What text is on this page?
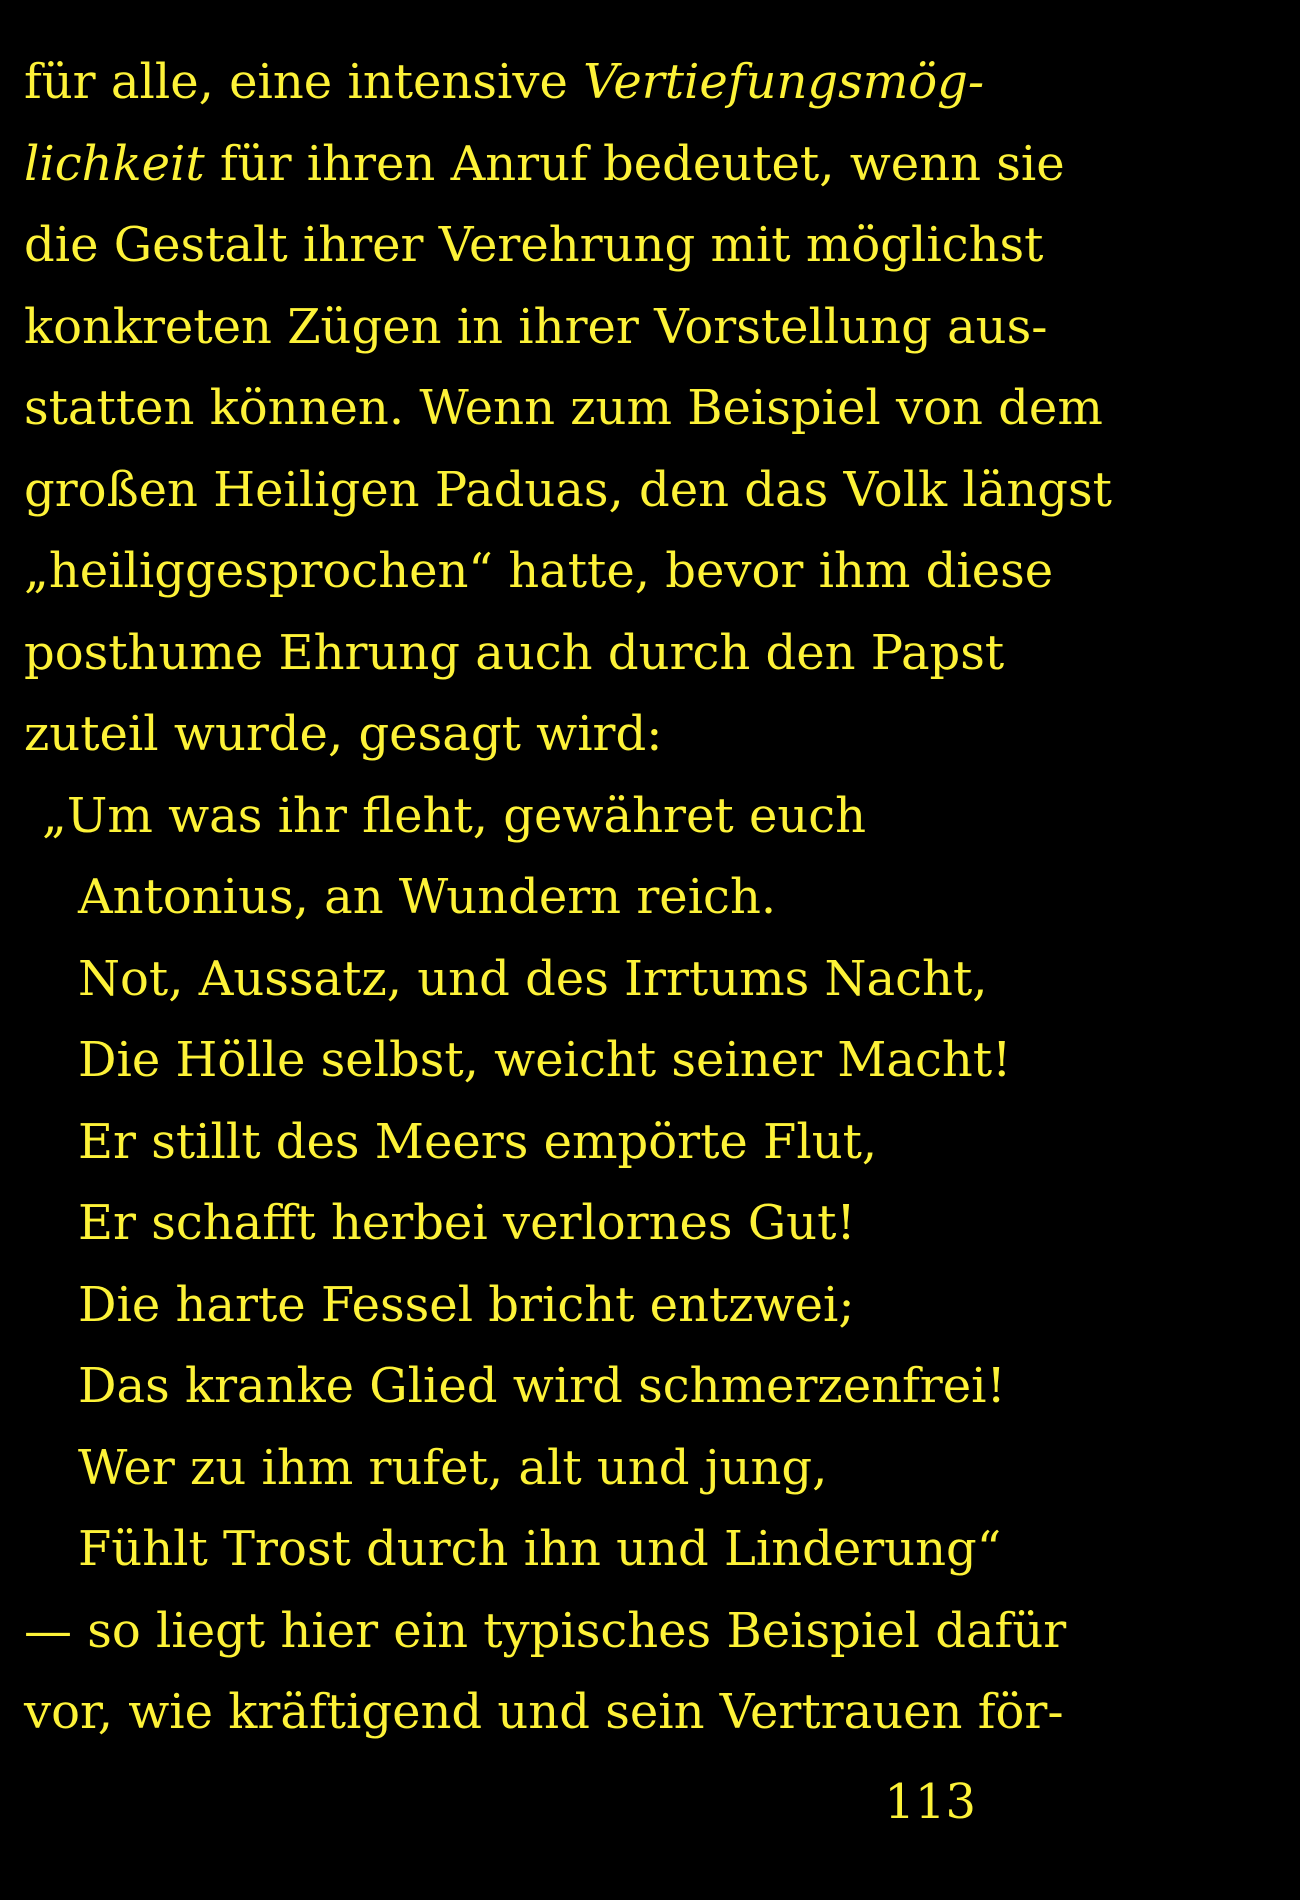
für alle, eine intensive Vertiefungsmög-
lichkeit für ihren Anruf bedeutet, wenn sie
die Gestalt ihrer Verehrung mit möglichst
konkreten Zügen in ihrer Vorstellung aus-
statten können. Wenn zum Beispiel von dem
großen Heiligen Paduas, den das Volk längst
„heiliggesprochen“ hatte, bevor ihm diese
posthume Ehrung auch durch den Papst
zuteil wurde, gesagt wird:
„Um was ihr fleht, gewähret euch
Antonius, an Wundern reich.
Not, Aussatz, und des Irrtums Nacht,
Die Hölle selbst, weicht seiner Macht!
Er stillt des Meers empörte Flut,
Er schafft herbei verlornes Gut!
Die harte Fessel bricht entzwei;
Das kranke Glied wird schmerzenfrei!
Wer zu ihm rufet, alt und jung,
Fühlt Trost durch ihn und Linderung“
— so liegt hier ein typisches Beispiel dafür
vor, wie kräftigend und sein Vertrauen för-
113
